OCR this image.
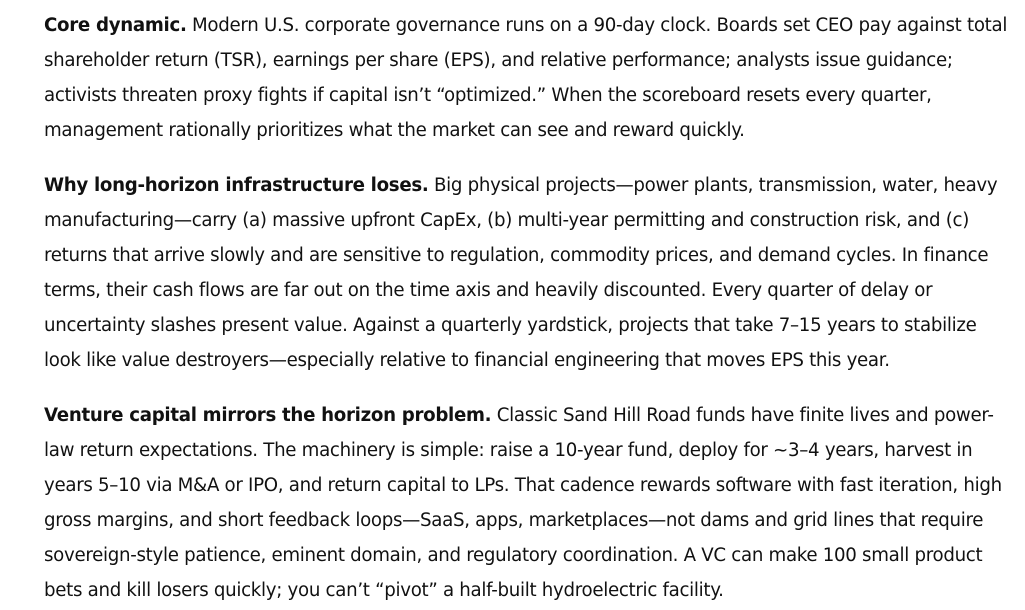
Core dynamic. Modern U.S. corporate governance runs on a 90-day clock. Boards set CEO pay against total shareholder return (TSR), earnings per share (EPS), and relative performance; analysts issue guidance; activists threaten proxy fights if capital isn’t “optimized.” When the scoreboard resets every quarter, management rationally prioritizes what the market can see and reward quickly.

Why long-horizon infrastructure loses. Big physical projects—power plants, transmission, water, heavy manufacturing—carry (a) massive upfront CapEx, (b) multi-year permitting and construction risk, and (c) returns that arrive slowly and are sensitive to regulation, commodity prices, and demand cycles. In finance terms, their cash flows are far out on the time axis and heavily discounted. Every quarter of delay or uncertainty slashes present value. Against a quarterly yardstick, projects that take 7–15 years to stabilize look like value destroyers—especially relative to financial engineering that moves EPS this year.

Venture capital mirrors the horizon problem. Classic Sand Hill Road funds have finite lives and power-law return expectations. The machinery is simple: raise a 10-year fund, deploy for ~3–4 years, harvest in years 5–10 via M&A or IPO, and return capital to LPs. That cadence rewards software with fast iteration, high gross margins, and short feedback loops—SaaS, apps, marketplaces—not dams and grid lines that require sovereign-style patience, eminent domain, and regulatory coordination. A VC can make 100 small product bets and kill losers quickly; you can’t “pivot” a half-built hydroelectric facility.
